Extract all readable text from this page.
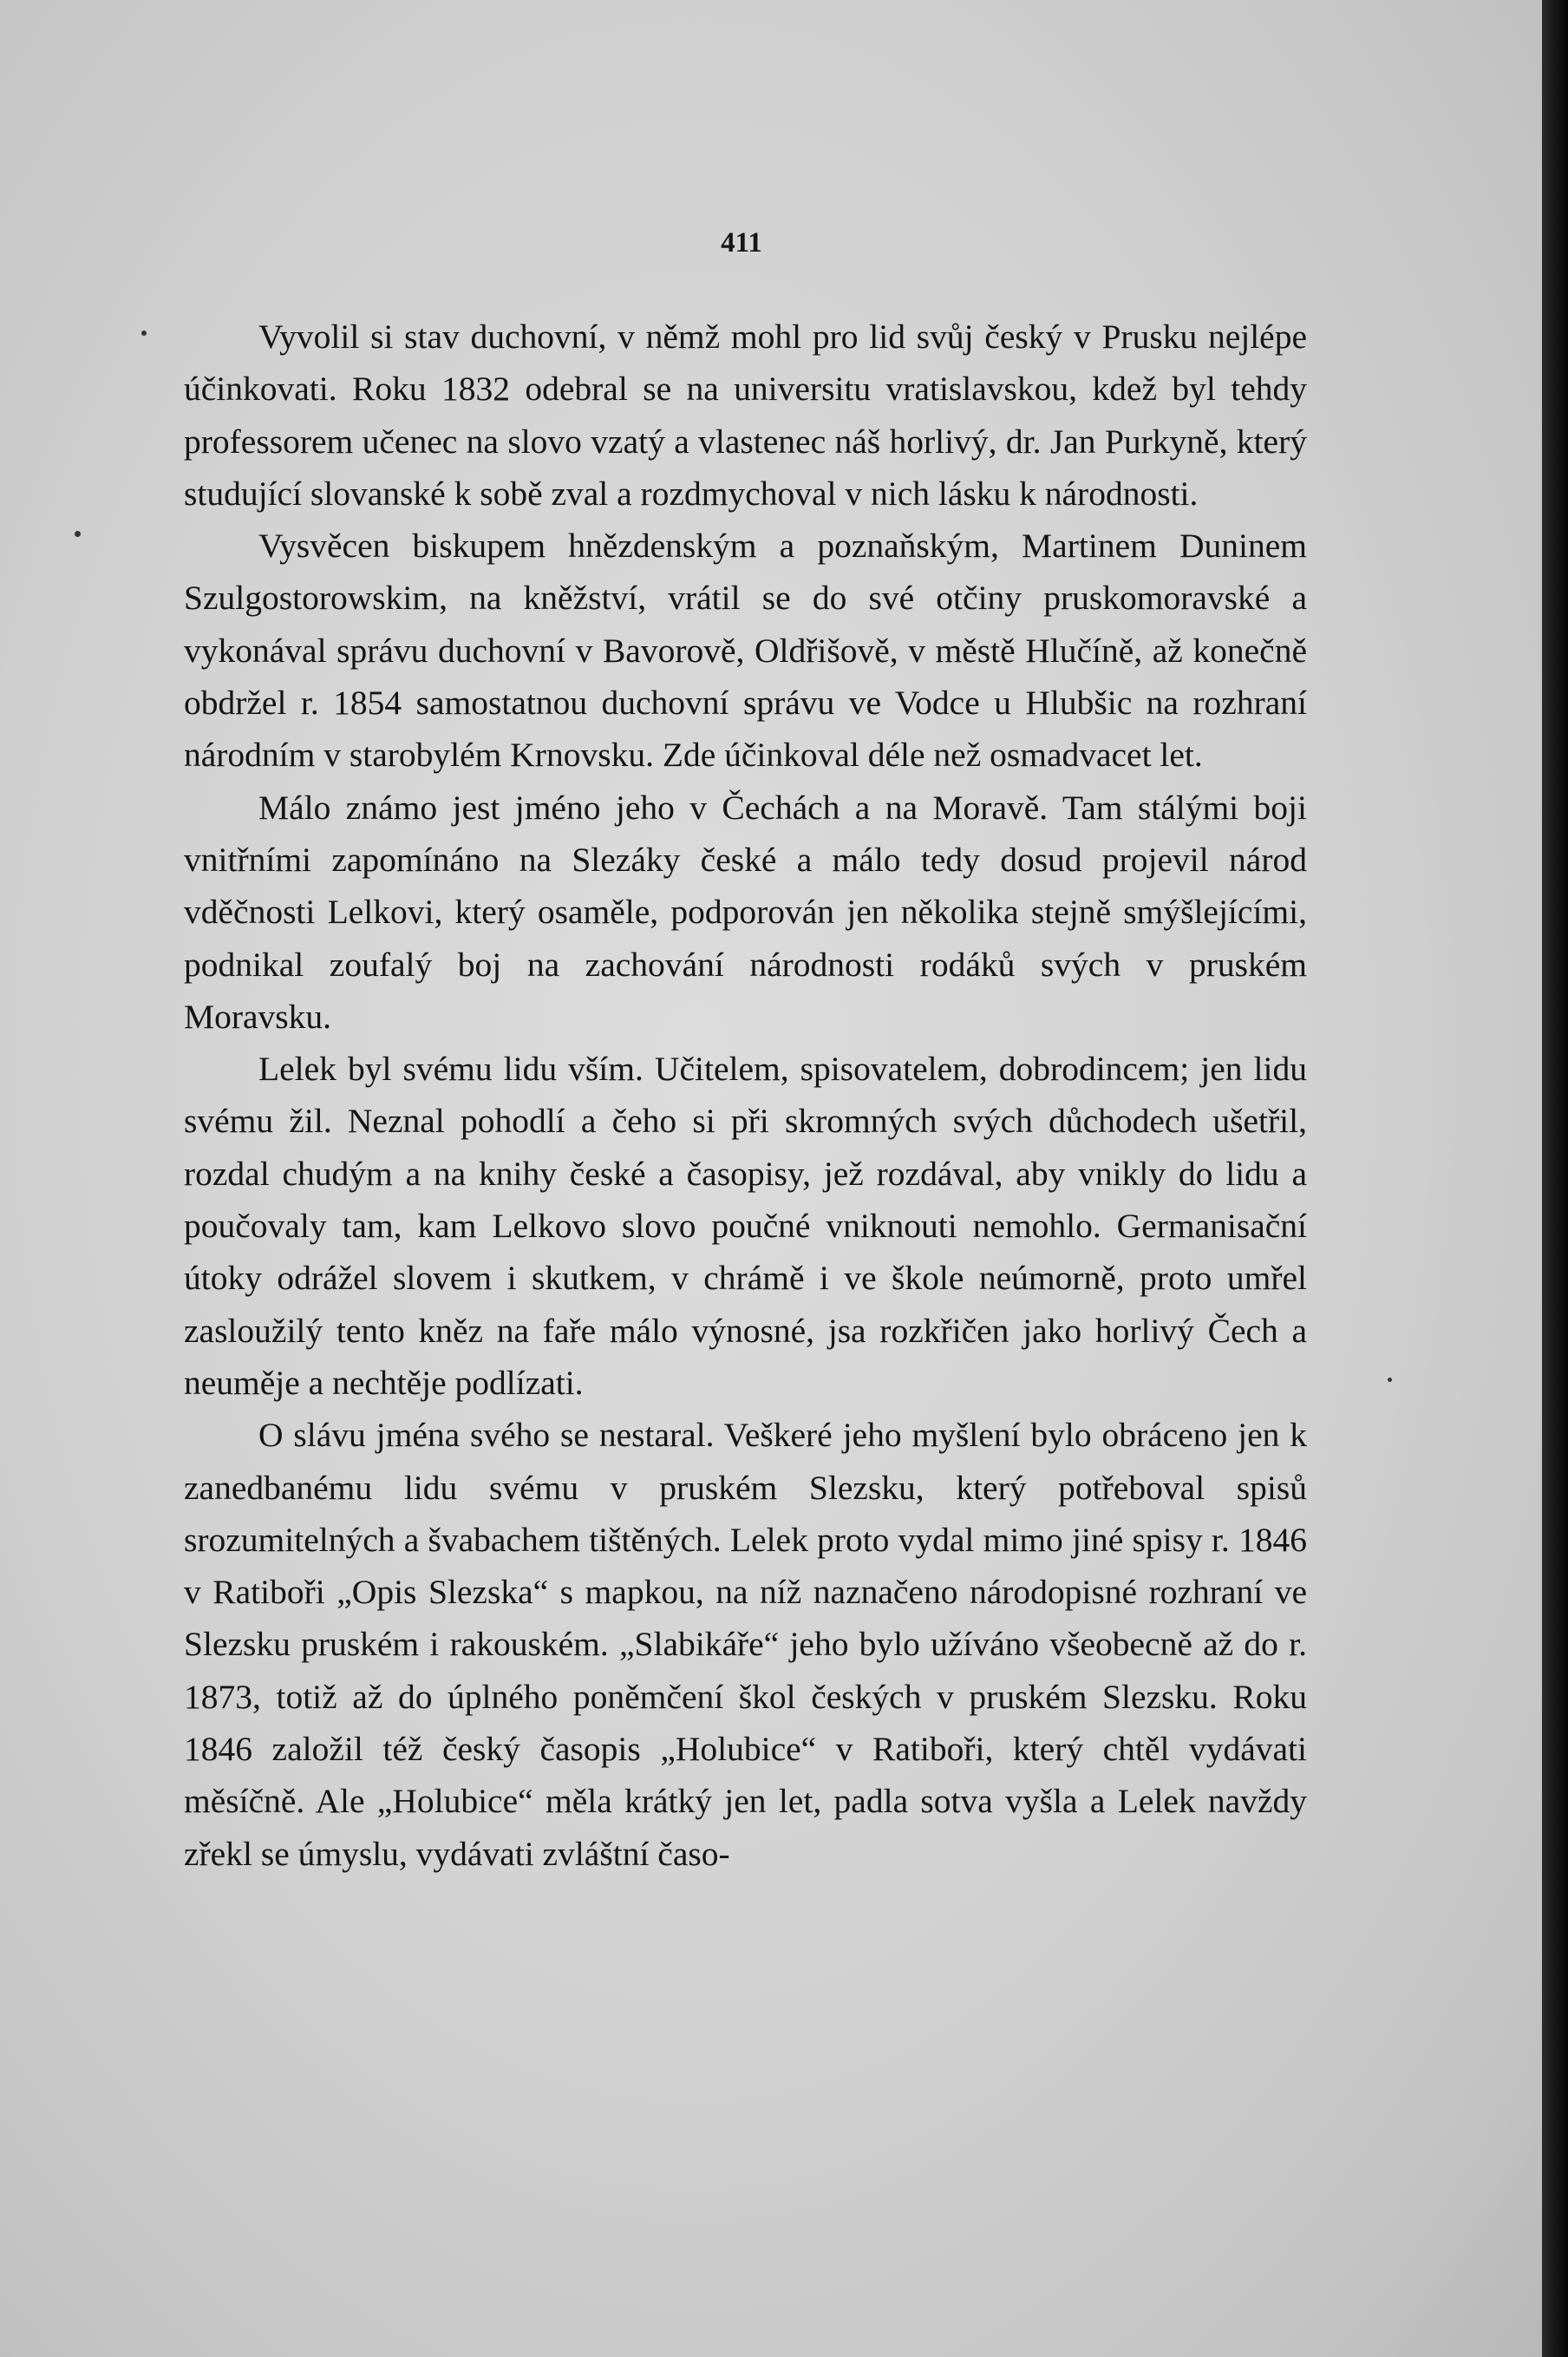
411

Vyvolil si stav duchovní, v němž mohl pro lid svůj český v Prusku nejlépe účinkovati. Roku 1832 odebral se na universitu vratislavskou, kdež byl tehdy professorem učenec na slovo vzatý a vlastenec náš horlivý, dr. Jan Purkyně, který studující slovanské k sobě zval a rozdmychoval v nich lásku k národnosti.

Vysvěcen biskupem hnězdenským a poznaňským, Martinem Duninem Szulgostorowskim, na kněžství, vrátil se do své otčiny pruskomoravské a vykonával správu duchovní v Bavorově, Oldřišově, v městě Hlučíně, až konečně obdržel r. 1854 samostatnou duchovní správu ve Vodce u Hlubšic na rozhraní národním v starobylém Krnovsku. Zde účinkoval déle než osmadvacet let.

Málo známo jest jméno jeho v Čechách a na Moravě. Tam stálými boji vnitřními zapomínáno na Slezáky české a málo tedy dosud projevil národ vděčnosti Lelkovi, který osaměle, podporován jen několika stejně smýšlejícími, podnikal zoufalý boj na zachování národnosti rodáků svých v pruském Moravsku.

Lelek byl svému lidu vším. Učitelem, spisovatelem, dobrodincem; jen lidu svému žil. Neznal pohodlí a čeho si při skromných svých důchodech ušetřil, rozdal chudým a na knihy české a časopisy, jež rozdával, aby vnikly do lidu a poučovaly tam, kam Lelkovo slovo poučné vniknouti nemohlo. Germanisační útoky odrážel slovem i skutkem, v chrámě i ve škole neúmorně, proto umřel zasloužilý tento kněz na faře málo výnosné, jsa rozkřičen jako horlivý Čech a neuměje a nechtěje podlízati.

O slávu jména svého se nestaral. Veškeré jeho myšlení bylo obráceno jen k zanedbanému lidu svému v pruském Slezsku, který potřeboval spisů srozumitelných a švabachem tištěných. Lelek proto vydal mimo jiné spisy r. 1846 v Ratiboři „Opis Slezska“ s mapkou, na níž naznačeno národopisné rozhraní ve Slezsku pruském i rakouském. „Slabikáře“ jeho bylo užíváno všeobecně až do r. 1873, totiž až do úplného poněmčení škol českých v pruském Slezsku. Roku 1846 založil též český časopis „Holubice“ v Ratiboři, který chtěl vydávati měsíčně. Ale „Holubice“ měla krátký jen let, padla sotva vyšla a Lelek navždy zřekl se úmyslu, vydávati zvláštní časo-
